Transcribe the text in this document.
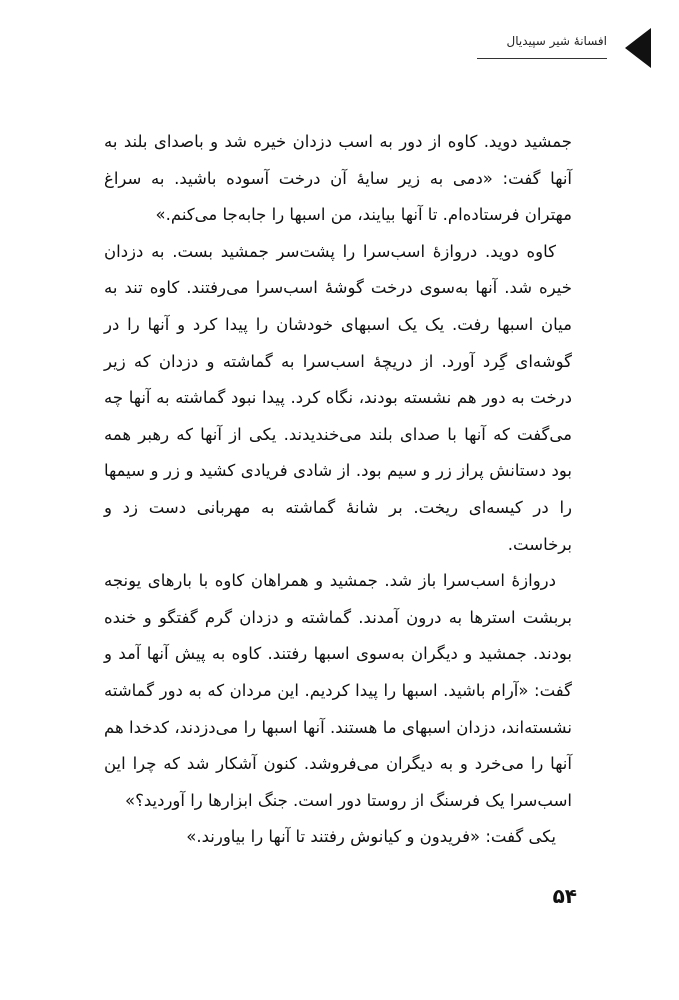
افسانهٔ شیر سپیدیال

جمشید دوید. کاوه از دور به اسب دزدان خیره شد و باصدای بلند به آنها گفت: «دمی به زیر سایهٔ آن درخت آسوده باشید. به سراغ مهتران فرستاده‌ام. تا آنها بیایند، من اسبها را جابه‌جا می‌کنم.»

کاوه دوید. دروازهٔ اسب‌سرا را پشت‌سر جمشید بست. به دزدان خیره شد. آنها به‌سوی درخت گوشهٔ اسب‌سرا می‌رفتند. کاوه تند به میان اسبها رفت. یک یک اسبهای خودشان را پیدا کرد و آنها را در گوشه‌ای گِرد آورد. از دریچهٔ اسب‌سرا به گماشته و دزدان که زیر درخت به دور هم نشسته بودند، نگاه کرد. پیدا نبود گماشته به آنها چه می‌گفت که آنها با صدای بلند می‌خندیدند. یکی از آنها که رهبر همه بود دستانش پراز زر و سیم بود. از شادی فریادی کشید و زر و سیمها را در کیسه‌ای ریخت. بر شانهٔ گماشته به مهربانی دست زد و برخاست.

دروازهٔ اسب‌سرا باز شد. جمشید و همراهان کاوه با بارهای یونجه بربشت استرها به درون آمدند. گماشته و دزدان گرم گفتگو و خنده بودند. جمشید و دیگران به‌سوی اسبها رفتند. کاوه به پیش آنها آمد و گفت: «آرام باشید. اسبها را پیدا کردیم. این مردان که به دور گماشته نشسته‌اند، دزدان اسبهای ما هستند. آنها اسبها را می‌دزدند، کدخدا هم آنها را می‌خرد و به دیگران می‌فروشد. کنون آشکار شد که چرا این اسب‌سرا یک فرسنگ از روستا دور است. جنگ ابزارها را آوردید؟»

یکی گفت: «فریدون و کیانوش رفتند تا آنها را بیاورند.»

۵۴
